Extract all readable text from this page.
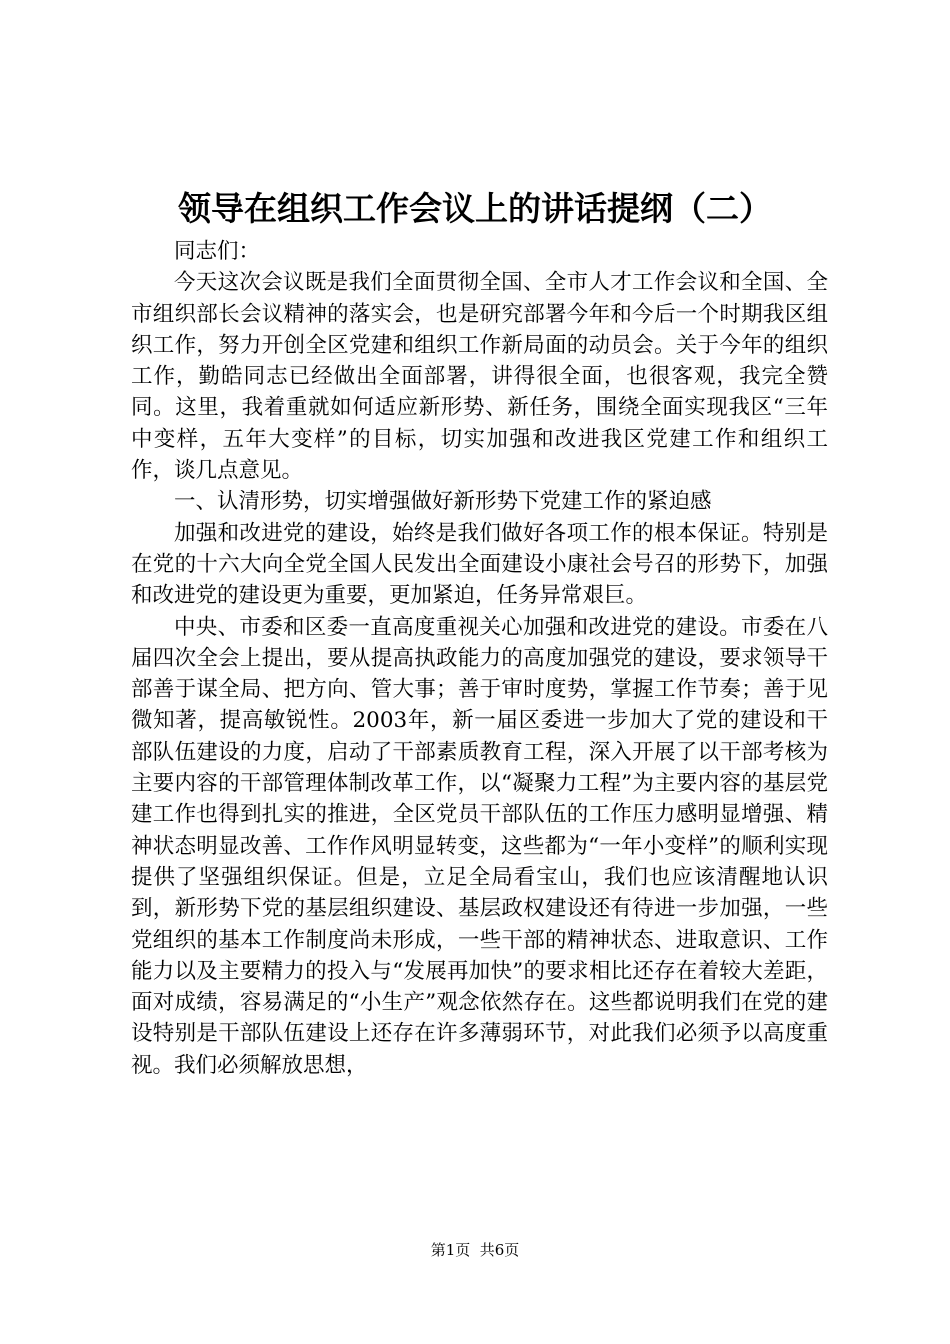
领导在组织工作会议上的讲话提纲（二）

同志们：

今天这次会议既是我们全面贯彻全国、全市人才工作会议和全国、全市组织部长会议精神的落实会，也是研究部署今年和今后一个时期我区组织工作，努力开创全区党建和组织工作新局面的动员会。关于今年的组织工作，勤皓同志已经做出全面部署，讲得很全面，也很客观，我完全赞同。这里，我着重就如何适应新形势、新任务，围绕全面实现我区“三年中变样，五年大变样”的目标，切实加强和改进我区党建工作和组织工作，谈几点意见。

一、认清形势，切实增强做好新形势下党建工作的紧迫感

加强和改进党的建设，始终是我们做好各项工作的根本保证。特别是在党的十六大向全党全国人民发出全面建设小康社会号召的形势下，加强和改进党的建设更为重要，更加紧迫，任务异常艰巨。

中央、市委和区委一直高度重视关心加强和改进党的建设。市委在八届四次全会上提出，要从提高执政能力的高度加强党的建设，要求领导干部善于谋全局、把方向、管大事；善于审时度势，掌握工作节奏；善于见微知著，提高敏锐性。2003年，新一届区委进一步加大了党的建设和干部队伍建设的力度，启动了干部素质教育工程，深入开展了以干部考核为主要内容的干部管理体制改革工作，以“凝聚力工程”为主要内容的基层党建工作也得到扎实的推进，全区党员干部队伍的工作压力感明显增强、精神状态明显改善、工作作风明显转变，这些都为“一年小变样”的顺利实现提供了坚强组织保证。但是，立足全局看宝山，我们也应该清醒地认识到，新形势下党的基层组织建设、基层政权建设还有待进一步加强，一些党组织的基本工作制度尚未形成，一些干部的精神状态、进取意识、工作能力以及主要精力的投入与“发展再加快”的要求相比还存在着较大差距，面对成绩，容易满足的“小生产”观念依然存在。这些都说明我们在党的建设特别是干部队伍建设上还存在许多薄弱环节，对此我们必须予以高度重视。我们必须解放思想，

第1页  共6页
